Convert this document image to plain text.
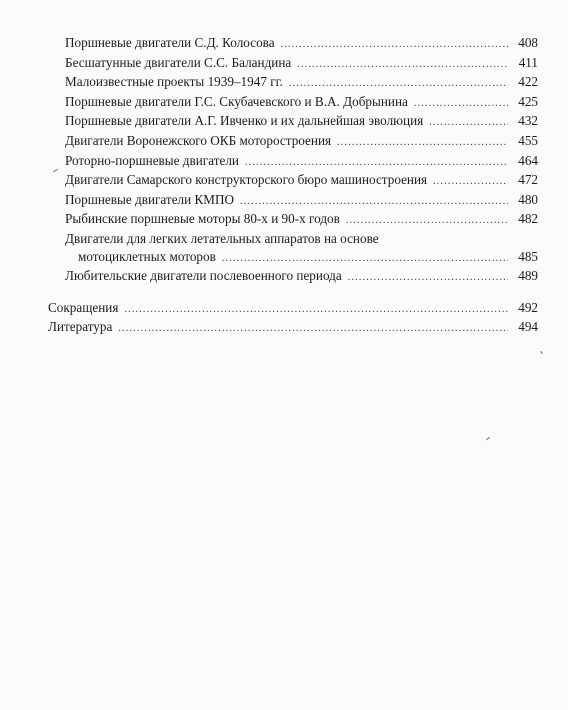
Поршневые двигатели С.Д. Колосова .....	408
Бесшатунные двигатели С.С. Баландина .....	411
Малоизвестные проекты 1939–1947 гг. .....	422
Поршневые двигатели Г.С. Скубачевского и В.А. Добрынина .....	425
Поршневые двигатели А.Г. Ивченко и их дальнейшая эволюция .....	432
Двигатели Воронежского ОКБ моторостроения .....	455
Роторно-поршневые двигатели .....	464
Двигатели Самарского конструкторского бюро машиностроения .....	472
Поршневые двигатели КМПО .....	480
Рыбинские поршневые моторы 80-х и 90-х годов .....	482
Двигатели для легких летательных аппаратов на основе
мотоциклетных моторов .....	485
Любительские двигатели послевоенного периода .....	489
Сокращения .....	492
Литература .....	494
